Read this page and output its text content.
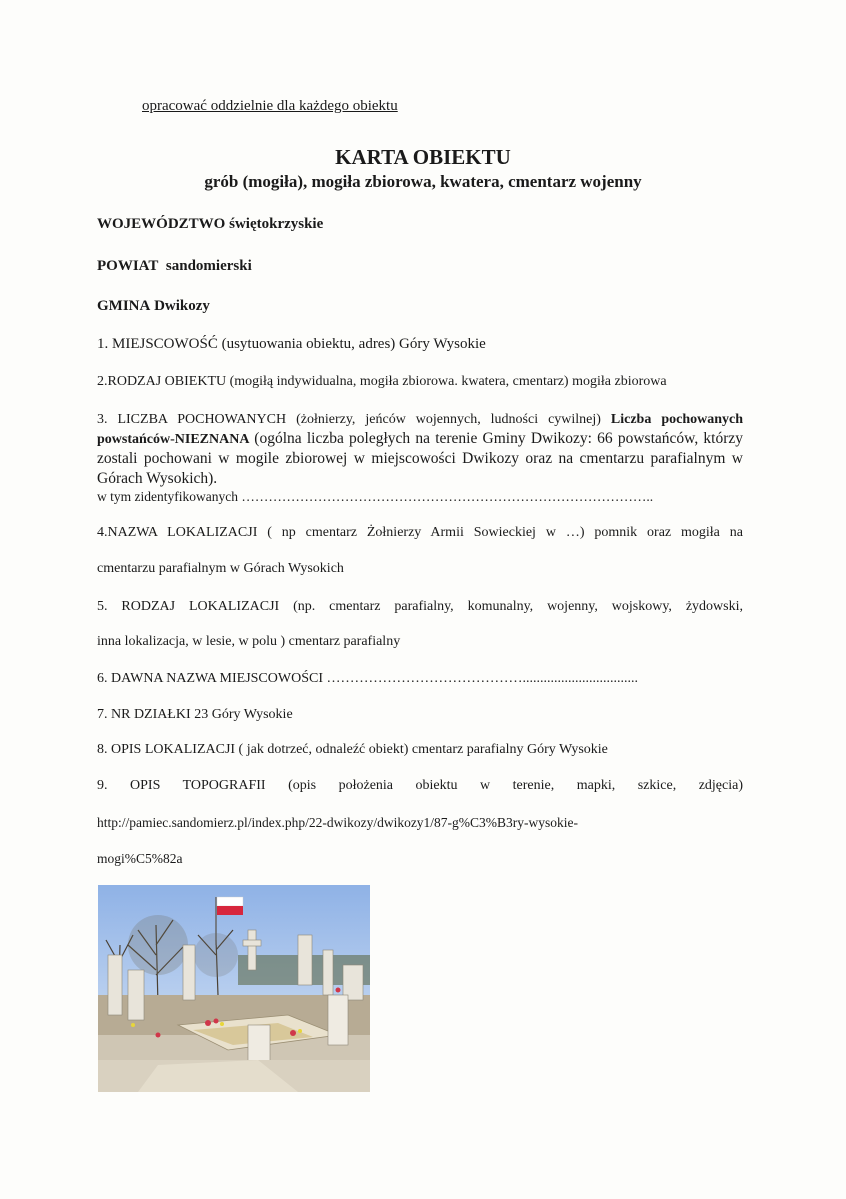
opracować oddzielnie dla każdego obiektu
KARTA OBIEKTU
grób (mogiła), mogiła zbiorowa, kwatera, cmentarz wojenny
WOJEWÓDZTWO świętokrzyskie
POWIAT sandomierski
GMINA Dwikozy
1. MIEJSCOWOŚĆ (usytuowania obiektu, adres) Góry Wysokie
2.RODZAJ OBIEKTU (mogiłą indywidualna, mogiła zbiorowa. kwatera, cmentarz) mogiła zbiorowa
3. LICZBA POCHOWANYCH (żołnierzy, jeńców wojennych, ludności cywilnej) Liczba pochowanych powstańców-NIEZNANA (ogólna liczba poległych na terenie Gminy Dwikozy: 66 powstańców, którzy zostali pochowani w mogile zbiorowej w miejscowości Dwikozy oraz na cmentarzu parafialnym w Górach Wysokich).
w tym zidentyfikowanych ………………………………………………………………………………..
4.NAZWA LOKALIZACJI ( np cmentarz Żołnierzy Armii Sowieckiej w …) pomnik oraz mogiła na
cmentarzu parafialnym w Górach Wysokich
5. RODZAJ LOKALIZACJI (np. cmentarz parafialny, komunalny, wojenny, wojskowy, żydowski,
inna lokalizacja, w lesie, w polu ) cmentarz parafialny
6. DAWNA NAZWA MIEJSCOWOŚCI …………………………………….................................
7. NR DZIAŁKI 23 Góry Wysokie
8. OPIS LOKALIZACJI ( jak dotrzeć, odnaleźć obiekt) cmentarz parafialny Góry Wysokie
9. OPIS TOPOGRAFII (opis położenia obiektu w terenie, mapki, szkice, zdjęcia)
http://pamiec.sandomierz.pl/index.php/22-dwikozy/dwikozy1/87-g%C3%B3ry-wysokie-
mogi%C5%82a
